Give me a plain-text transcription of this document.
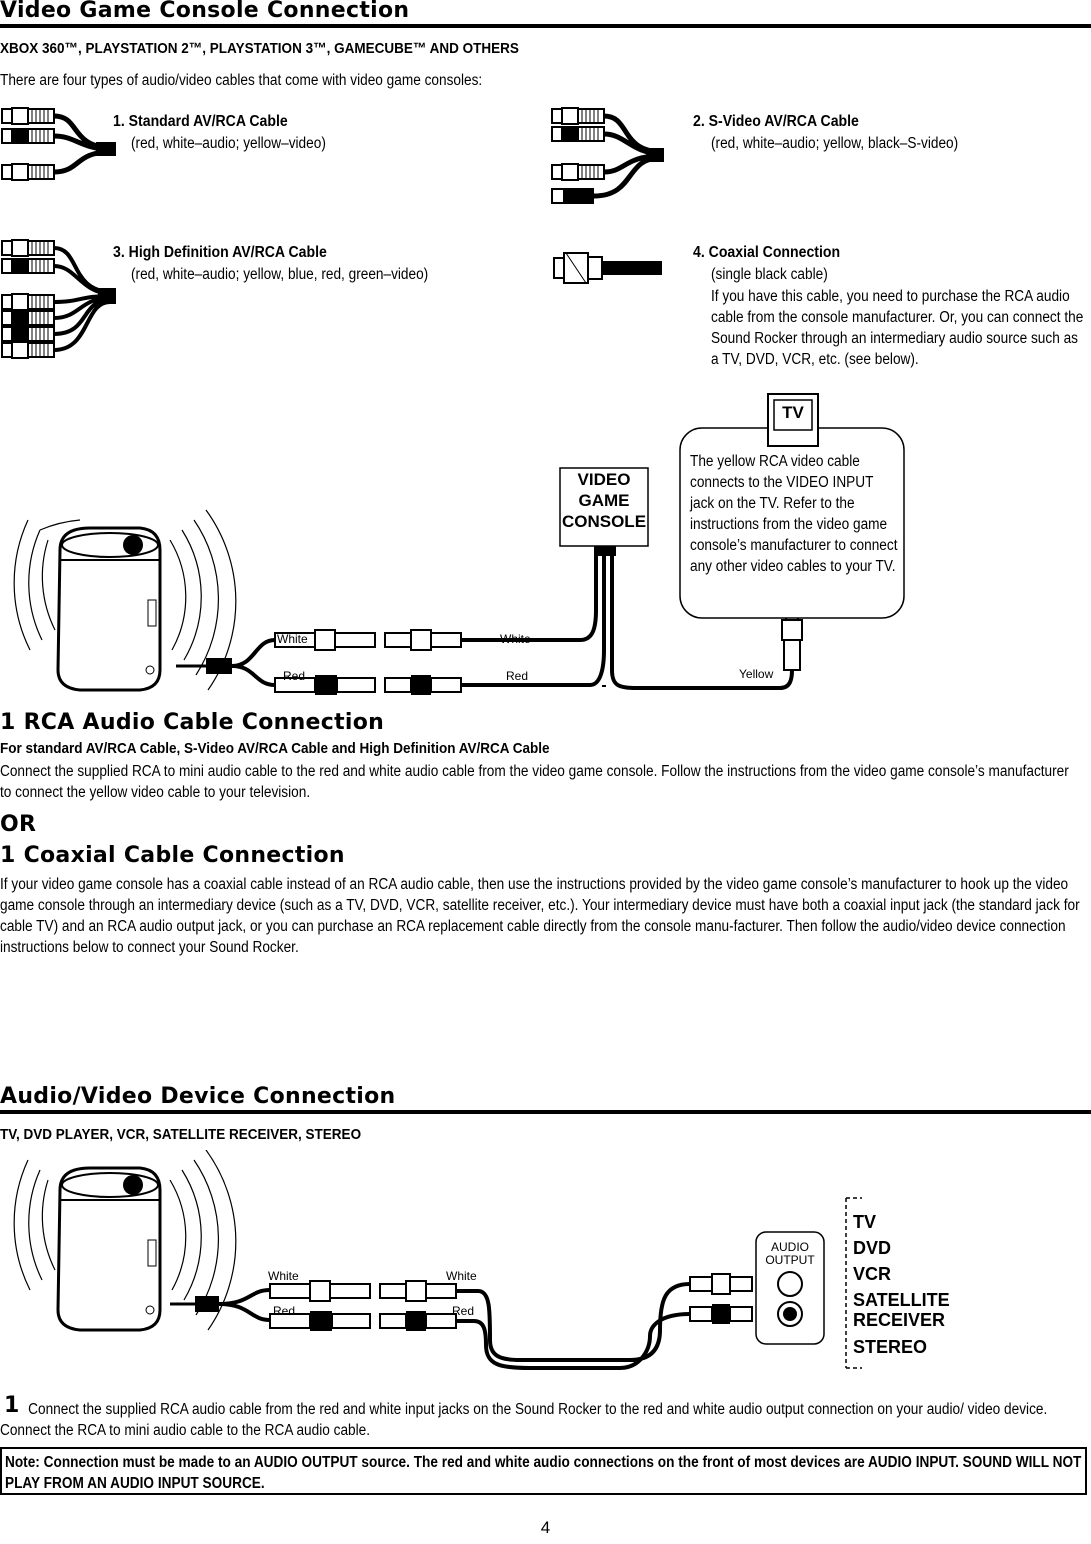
Video Game Console Connection
XBOX 360™, PLAYSTATION 2™, PLAYSTATION 3™, GAMECUBE™ AND OTHERS
There are four types of audio/video cables that come with video game consoles:
1. Standard AV/RCA Cable
(red, white–audio; yellow–video)
2. S-Video AV/RCA Cable
(red, white–audio; yellow, black–S-video)
3. High Deﬁnition AV/RCA Cable
(red, white–audio; yellow, blue, red, green–video)
4. Coaxial Connection
(single black cable)
If you have this cable, you need to purchase the RCA audio cable from the console manufacturer. Or, you can connect the Sound Rocker through an intermediary audio source such as a TV, DVD, VCR, etc. (see below).
VIDEO GAME CONSOLE
TV
The yellow RCA video cable connects to the VIDEO INPUT jack on the TV. Refer to the instructions from the video game console’s manufacturer to connect any other video cables to your TV.
White
Red
White
Red	Yellow
1 RCA Audio Cable Connection
For standard AV/RCA Cable, S-Video AV/RCA Cable and High Deﬁnition AV/RCA Cable
Connect the supplied RCA to mini audio cable to the red and white audio cable from the video game console. Follow the instructions from the video game console’s manufacturer to connect the yellow video cable to your television.
OR
1 Coaxial Cable Connection
If your video game console has a coaxial cable instead of an RCA audio cable, then use the instructions provided by the video game console’s manufacturer to hook up the video game console through an intermediary device (such as a TV, DVD, VCR, satellite receiver, etc.). Your intermediary device must have both a coaxial input jack (the standard jack for cable TV) and an RCA audio output jack, or you can purchase an RCA replacement cable directly from the console manu-facturer. Then follow the audio/video device connection instructions below to connect your Sound Rocker.
Audio/Video Device Connection
TV, DVD PLAYER, VCR, SATELLITE RECEIVER, STEREO
AUDIO OUTPUT
White
Red
White
Red
TV
DVD
VCR
SATELLITE RECEIVER
STEREO
1 Connect the supplied RCA audio cable from the red and white input jacks on the Sound Rocker to the red and white audio output connection on your audio/ video device. Connect the RCA to mini audio cable to the RCA audio cable.
Note: Connection must be made to an AUDIO OUTPUT source. The red and white audio connections on the front of most devices are AUDIO INPUT. SOUND WILL NOT PLAY FROM AN AUDIO INPUT SOURCE.
4
